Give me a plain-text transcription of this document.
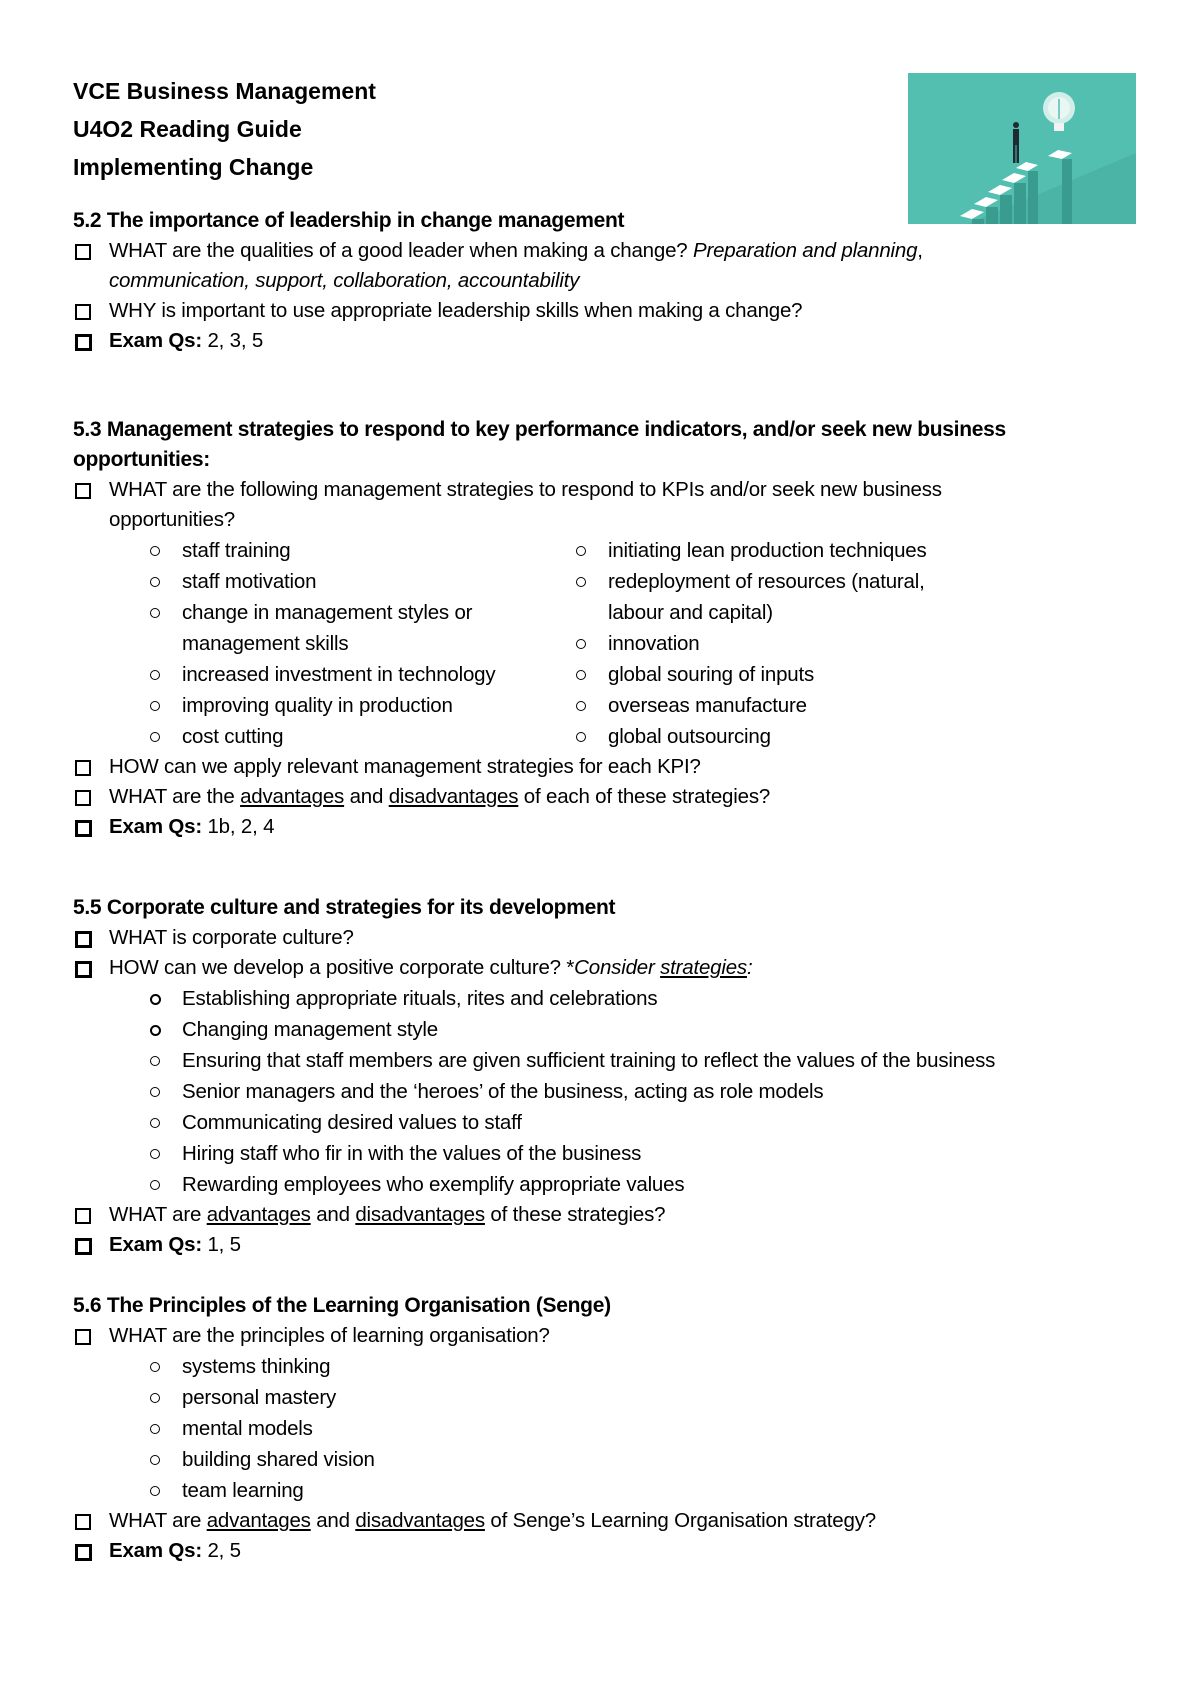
VCE Business Management
U4O2 Reading Guide
Implementing Change
5.2 The importance of leadership in change management
WHAT are the qualities of a good leader when making a change? Preparation and planning,
communication, support, collaboration, accountability
WHY is important to use appropriate leadership skills when making a change?
Exam Qs: 2, 3, 5
5.3 Management strategies to respond to key performance indicators, and/or seek new business
opportunities:
WHAT are the following management strategies to respond to KPIs and/or seek new business
opportunities?
staff training
staff motivation
change in management styles or
management skills
increased investment in technology
improving quality in production
cost cutting
initiating lean production techniques
redeployment of resources (natural,
labour and capital)
innovation
global souring of inputs
overseas manufacture
global outsourcing
HOW can we apply relevant management strategies for each KPI?
WHAT are the advantages and disadvantages of each of these strategies?
Exam Qs: 1b, 2, 4
5.5 Corporate culture and strategies for its development
WHAT is corporate culture?
HOW can we develop a positive corporate culture? *Consider strategies:
Establishing appropriate rituals, rites and celebrations
Changing management style
Ensuring that staff members are given sufficient training to reflect the values of the business
Senior managers and the ‘heroes’ of the business, acting as role models
Communicating desired values to staff
Hiring staff who fir in with the values of the business
Rewarding employees who exemplify appropriate values
WHAT are advantages and disadvantages of these strategies?
Exam Qs: 1, 5
5.6 The Principles of the Learning Organisation (Senge)
WHAT are the principles of learning organisation?
systems thinking
personal mastery
mental models
building shared vision
team learning
WHAT are advantages and disadvantages of Senge’s Learning Organisation strategy?
Exam Qs: 2, 5
